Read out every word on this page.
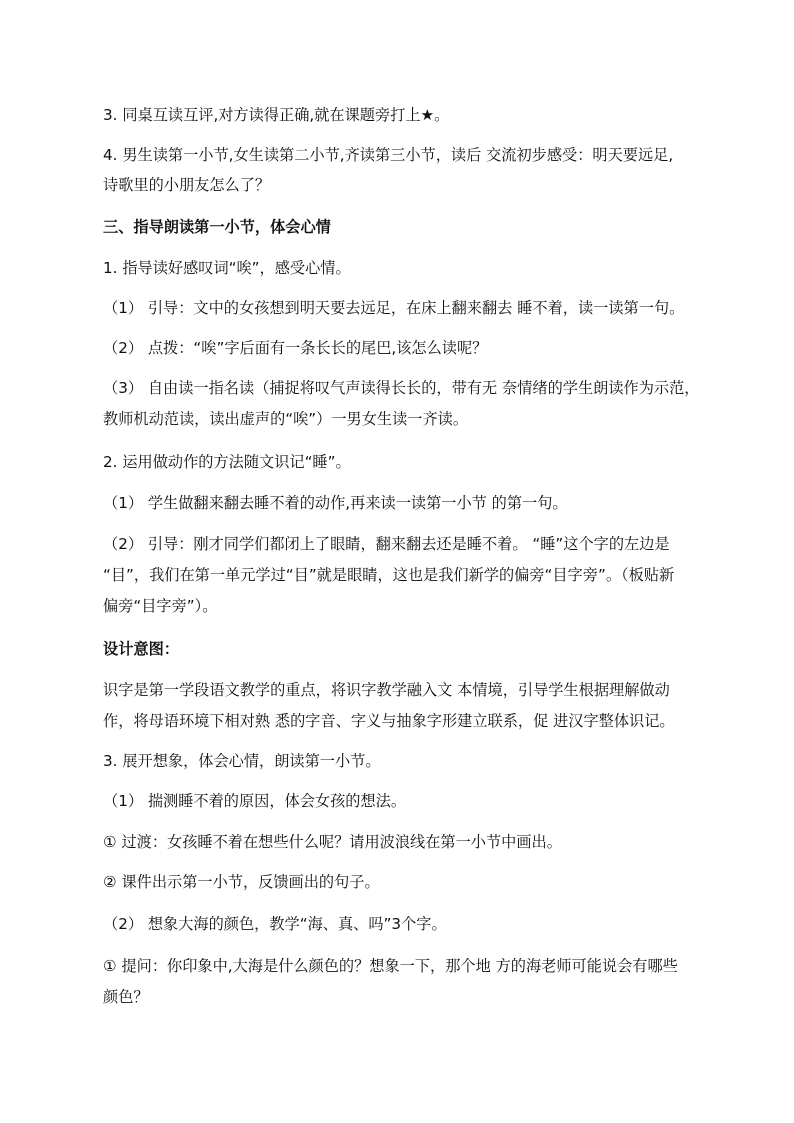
3. 同桌互读互评,对方读得正确,就在课题旁打上★。
4. 男生读第一小节,女生读第二小节,齐读第三小节，读后 交流初步感受：明天要远足,
诗歌里的小朋友怎么了？
三、指导朗读第一小节，体会心情
1. 指导读好感叹词“唉”，感受心情。
（1） 引导：文中的女孩想到明天要去远足，在床上翻来翻去 睡不着，读一读第一句。
（2） 点拨：“唉”字后面有一条长长的尾巴,该怎么读呢？
（3） 自由读一指名读（捕捉将叹气声读得长长的，带有无 奈情绪的学生朗读作为示范，
教师机动范读，读出虚声的“唉”）一男女生读一齐读。
2. 运用做动作的方法随文识记“睡”。
（1） 学生做翻来翻去睡不着的动作,再来读一读第一小节 的第一句。
（2） 引导：刚才同学们都闭上了眼睛，翻来翻去还是睡不着。 “睡”这个字的左边是
“目”，我们在第一单元学过“目”就是眼睛，这也是我们新学的偏旁“目字旁”。（板贴新
偏旁“目字旁”）。
设计意图：
识字是第一学段语文教学的重点，将识字教学融入文 本情境，引导学生根据理解做动
作，将母语环境下相对熟 悉的字音、字义与抽象字形建立联系，促 进汉字整体识记。
3. 展开想象，体会心情，朗读第一小节。
（1） 揣测睡不着的原因，体会女孩的想法。
① 过渡：女孩睡不着在想些什么呢？请用波浪线在第一小节中画出。
② 课件出示第一小节，反馈画出的句子。
（2） 想象大海的颜色，教学“海、真、吗”3个字。
① 提问：你印象中,大海是什么颜色的？想象一下，那个地 方的海老师可能说会有哪些
颜色？
